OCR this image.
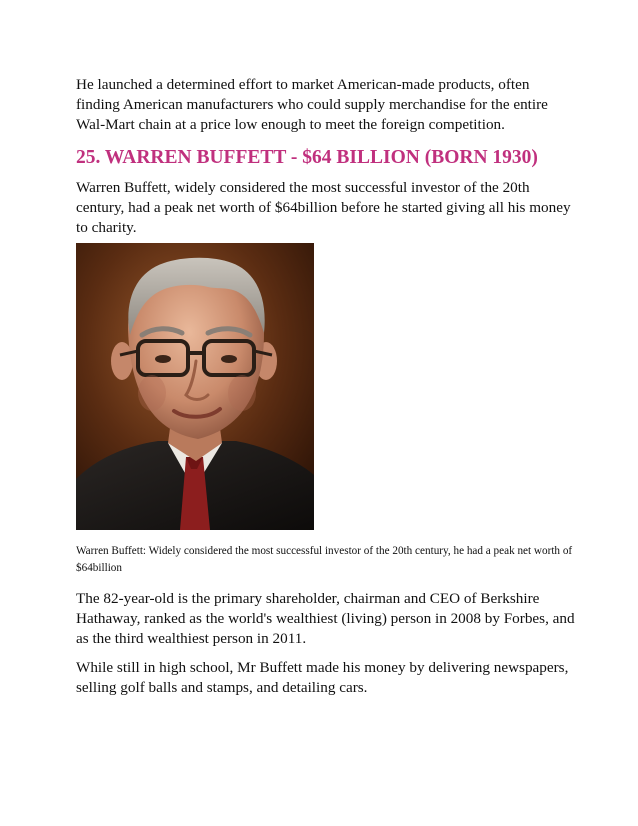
He launched a determined effort to market American-made products, often finding American manufacturers who could supply merchandise for the entire Wal-Mart chain at a price low enough to meet the foreign competition.

25. WARREN BUFFETT - $64 BILLION (BORN 1930)

Warren Buffett, widely considered the most successful investor of the 20th century, had a peak net worth of $64billion before he started giving all his money to charity.

Warren Buffett: Widely considered the most successful investor of the 20th century, he had a peak net worth of $64billion

The 82-year-old is the primary shareholder, chairman and CEO of Berkshire Hathaway, ranked as the world's wealthiest (living) person in 2008 by Forbes, and as the third wealthiest person in 2011.

While still in high school, Mr Buffett made his money by delivering newspapers, selling golf balls and stamps, and detailing cars.
